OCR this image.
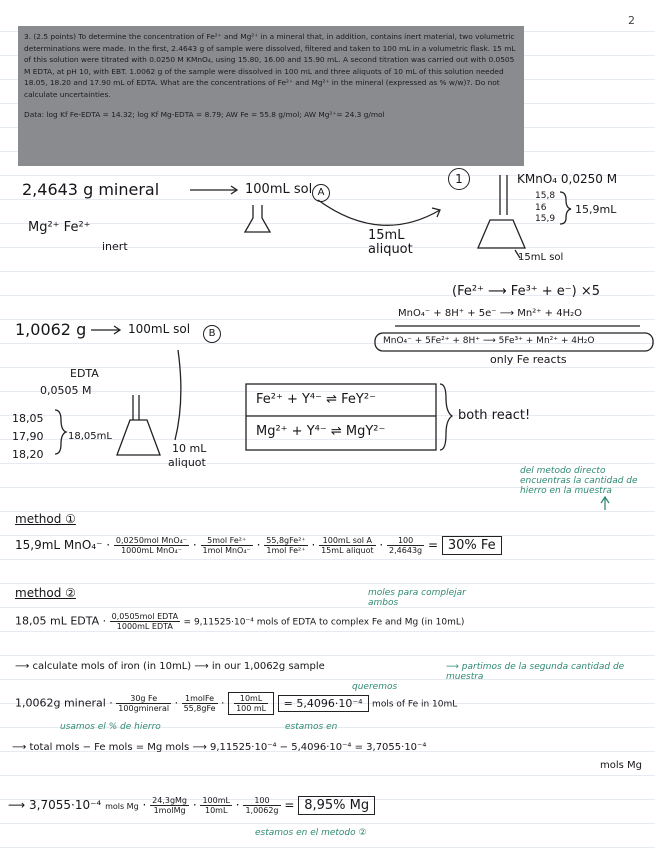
2
3. (2.5 points) To determine the concentration of Fe²⁺ and Mg²⁺ in a mineral that, in addition, contains inert material, two volumetric determinations were made. In the first, 2.4643 g of sample were dissolved, filtered and taken to 100 mL in a volumetric flask. 15 mL of this solution were titrated with 0.0250 M KMnO₄, using 15.80, 16.00 and 15.90 mL. A second titration was carried out with 0.0505 M EDTA, at pH 10, with EBT. 1.0062 g of the sample were dissolved in 100 mL and three aliquots of 10 mL of this solution needed 18.05, 18.20 and 17.90 mL of EDTA. What are the concentrations of Fe²⁺ and Mg²⁺ in the mineral (expressed as % w/w)?. Do not calculate uncertainties.
Data: log Kf Fe-EDTA = 14.32; log Kf Mg-EDTA = 8.79; AW Fe = 55.8 g/mol; AW Mg²⁺= 24.3 g/mol
2,4643 g mineral	100mL sol A
Mg²⁺ Fe²⁺
inert
15mL
aliquot
1	KMnO₄ 0,0250 M
15,8
16
15,9
15,9mL
15mL sol
(Fe²⁺ ⟶ Fe³⁺ + e⁻) ×5
MnO₄⁻ + 8H⁺ + 5e⁻ ⟶ Mn²⁺ + 4H₂O
MnO₄⁻ + 5Fe²⁺ + 8H⁺ ⟶ 5Fe³⁺ + Mn²⁺ + 4H₂O
only Fe reacts
1,0062 g	100mL sol	B
EDTA
0,0505 M
18,05
17,90
18,20
18,05mL
10 mL
aliquot
Fe²⁺ + Y⁴⁻ ⇌ FeY²⁻
Mg²⁺ + Y⁴⁻ ⇌ MgY²⁻
both react!
del metodo directo encuentras la cantidad de hierro en la muestra
method ①
15,9mL $MnO_4^- \cdot \frac{\text{0,0250mol MnO₄⁻}}{\text{1000mL MnO₄⁻}} \cdot \frac{\text{5mol Fe²⁺}}{\text{1mol MnO₄⁻}} \cdot \frac{\text{55,8gFe²⁺}}{\text{1mol Fe²⁺}} \cdot \frac{\text{100mL sol A}}{\text{15mL aliquot}} \cdot \frac{100}{2,4643g} = 30\%$ Fe
method ②	moles para complejar ambos
18,05 mL EDTA · $\frac{\text{0,0505mol EDTA}}{\text{1000mL EDTA}} = 9,11525\cdot 10^{-4}$ mols of EDTA to complex Fe and Mg (in 10mL)
⟶ calculate mols of iron (in 10mL) ⟶ in our 1,0062g sample	⟶ partimos de la segunda cantidad de muestra
queremos
1,0062g mineral · $\frac{\text{30g Fe}}{\text{100gmineral}} \cdot \frac{\text{1molFe}}{\text{55,8gFe}} \cdot \frac{10mL}{100 mL} = 5,4096\cdot 10^{-4}$ mols of Fe in 10mL
usamos el % de hierro	estamos en
⟶ total mols − Fe mols = Mg mols ⟶ 9,11525·10⁻⁴ − 5,4096·10⁻⁴ = 3,7055·10⁻⁴
mols Mg
⟶ 3,7055·10⁻⁴ mols $Mg \cdot \frac{\text{24,3gMg}}{\text{1molMg}} \cdot \frac{100mL}{10mL} \cdot \frac{100}{1,0062g} = 8,95\%$ Mg
estamos en el metodo ②
